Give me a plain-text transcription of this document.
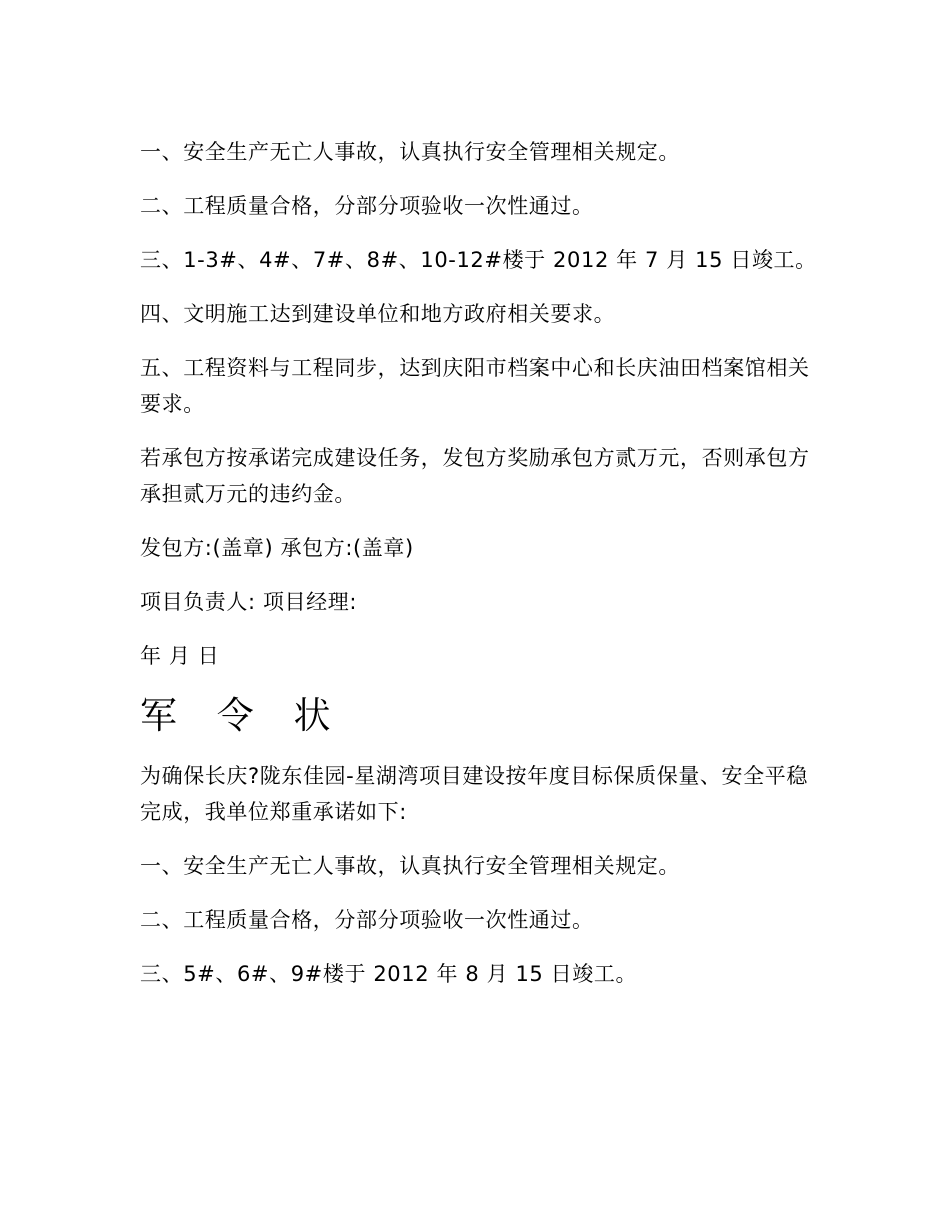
一、安全生产无亡人事故，认真执行安全管理相关规定。

二、工程质量合格，分部分项验收一次性通过。

三、1-3#、4#、7#、8#、10-12#楼于 2012 年 7 月 15 日竣工。

四、文明施工达到建设单位和地方政府相关要求。

五、工程资料与工程同步，达到庆阳市档案中心和长庆油田档案馆相关要求。

若承包方按承诺完成建设任务，发包方奖励承包方贰万元，否则承包方承担贰万元的违约金。

发包方:(盖章) 承包方:(盖章)

项目负责人: 项目经理:

年 月 日

军 令 状

为确保长庆?陇东佳园-星湖湾项目建设按年度目标保质保量、安全平稳完成，我单位郑重承诺如下:

一、安全生产无亡人事故，认真执行安全管理相关规定。

二、工程质量合格，分部分项验收一次性通过。

三、5#、6#、9#楼于 2012 年 8 月 15 日竣工。
